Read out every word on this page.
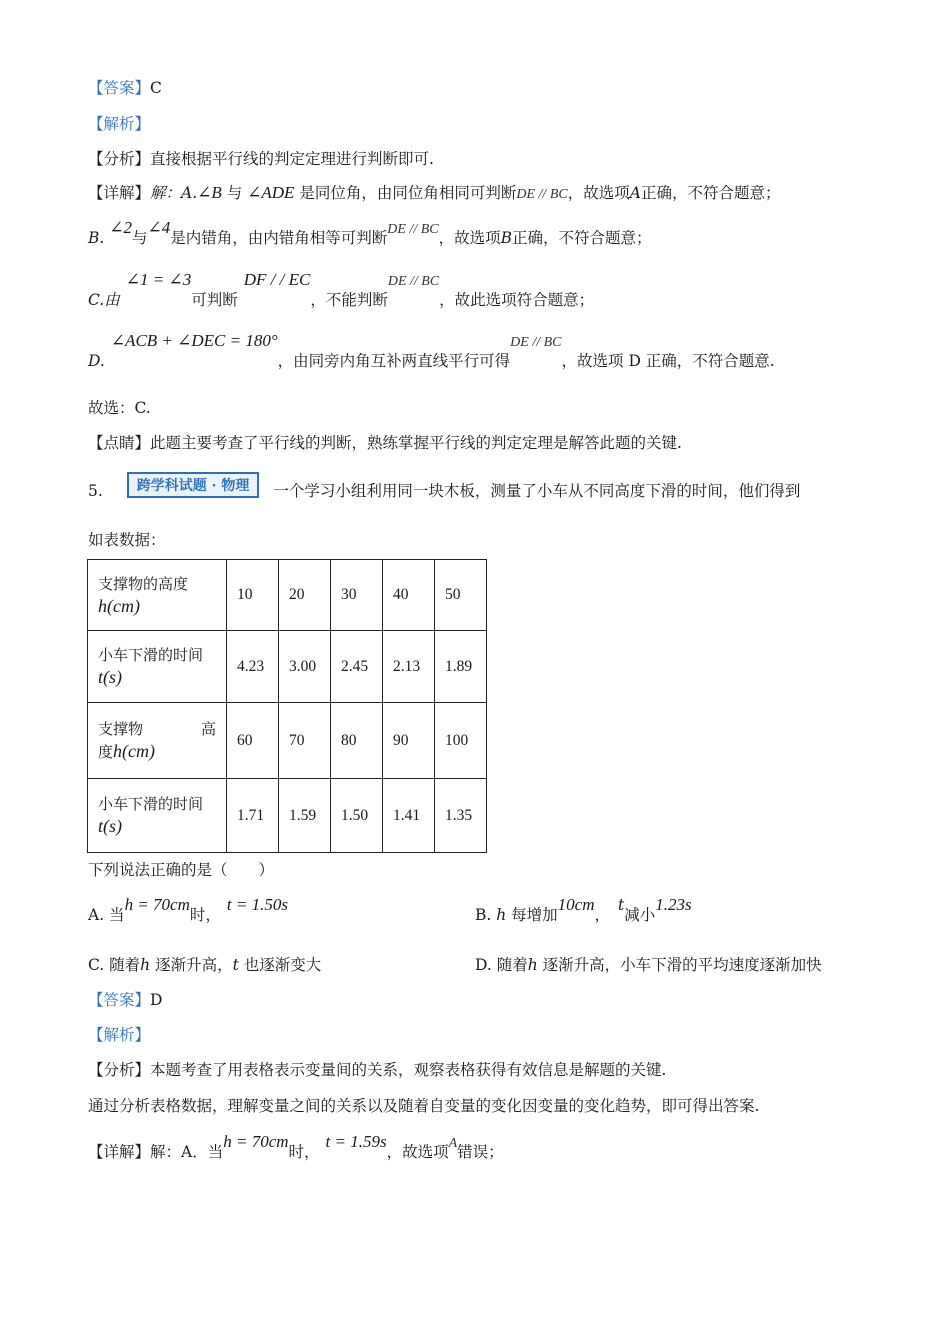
【答案】C
【解析】
【分析】直接根据平行线的判定定理进行判断即可.
【详解】解：A.∠B 与 ∠ADE 是同位角，由同位角相同可判断DE // BC，故选项A正确，不符合题意；
B. ∠2与∠4是内错角，由内错角相等可判断DE // BC，故选项B正确，不符合题意；
C.由∠1 = ∠3可判断DF / / EC，不能判断DE // BC，故此选项符合题意；
D.∠ACB + ∠DEC = 180°，由同旁内角互补两直线平行可得DE // BC，故选项 D 正确，不符合题意.
故选：C.
【点睛】此题主要考查了平行线的判断，熟练掌握平行线的判定定理是解答此题的关键.
5. 跨学科试题 · 物理 一个学习小组利用同一块木板，测量了小车从不同高度下滑的时间，他们得到
如表数据：
支撑物的高度
h(cm)	10	20	30	40	50
小车下滑的时间
t(s)	4.23	3.00	2.45	2.13	1.89
支撑物 高

度h(cm)	60	70	80	90	100
小车下滑的时间
t(s)	1.71	1.59	1.50	1.41	1.35
下列说法正确的是（　　）
A. 当h = 70cm时，t = 1.50s
B. h 每增加10cm，t减小1.23s
C. 随着h 逐渐升高，t 也逐渐变大	D. 随着h 逐渐升高，小车下滑的平均速度逐渐加快
【答案】D
【解析】
【分析】本题考查了用表格表示变量间的关系，观察表格获得有效信息是解题的关键.
通过分析表格数据，理解变量之间的关系以及随着自变量的变化因变量的变化趋势，即可得出答案.
【详解】解：A．当h = 70cm时，t = 1.59s，故选项A错误；
